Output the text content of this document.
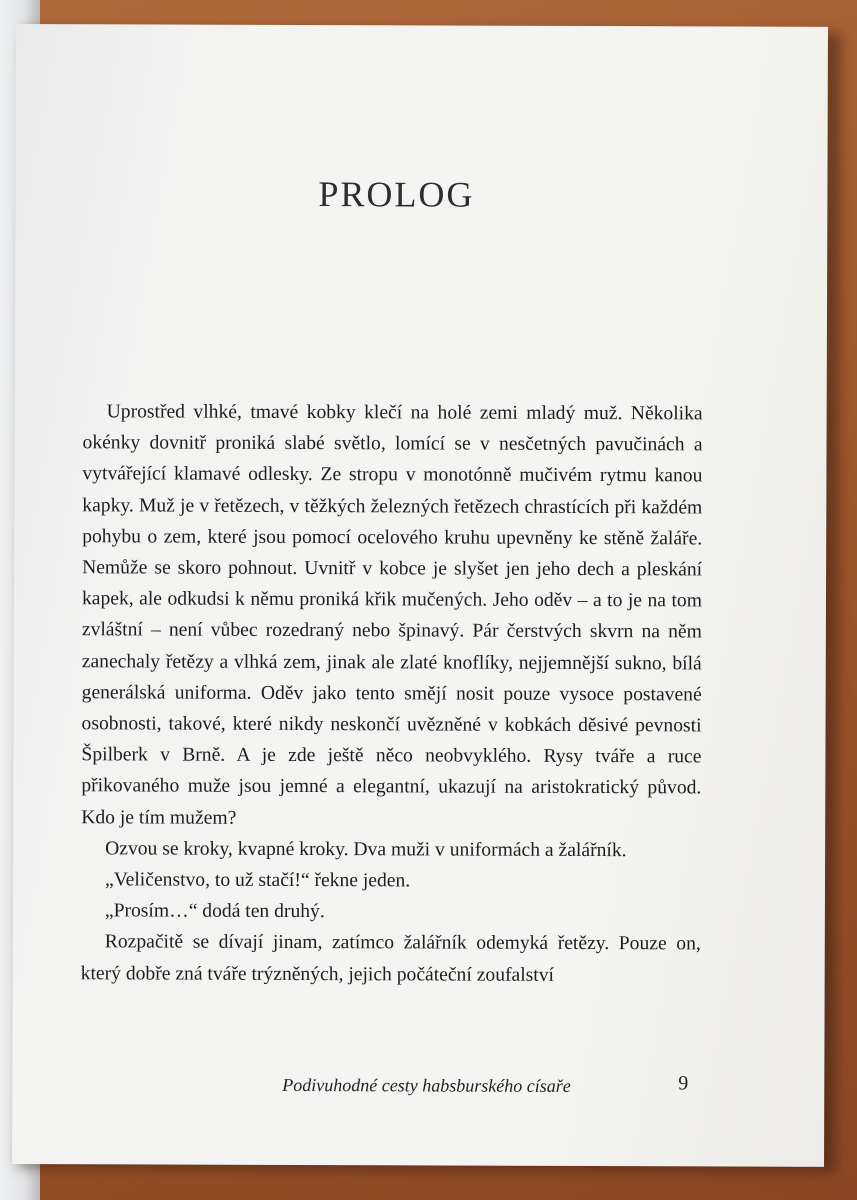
PROLOG

Uprostřed vlhké, tmavé kobky klečí na holé zemi mladý muž. Několika okénky dovnitř proniká slabé světlo, lomící se v nesčetných pavučinách a vytvářející klamavé odlesky. Ze stropu v monotónně mučivém rytmu kanou kapky. Muž je v řetězech, v těžkých železných řetězech chrastících při každém pohybu o zem, které jsou pomocí ocelového kruhu upevněny ke stěně žaláře. Nemůže se skoro pohnout. Uvnitř v kobce je slyšet jen jeho dech a pleskání kapek, ale odkudsi k němu proniká křik mučených. Jeho oděv – a to je na tom zvláštní – není vůbec rozedraný nebo špinavý. Pár čerstvých skvrn na něm zanechaly řetězy a vlhká zem, jinak ale zlaté knoflíky, nejjemnější sukno, bílá generálská uniforma. Oděv jako tento smějí nosit pouze vysoce postavené osobnosti, takové, které nikdy neskončí uvězněné v kobkách děsivé pevnosti Špilberk v Brně. A je zde ještě něco neobvyklého. Rysy tváře a ruce přikovaného muže jsou jemné a elegantní, ukazují na aristokratický původ. Kdo je tím mužem?

Ozvou se kroky, kvapné kroky. Dva muži v uniformách a žalářník.

„Veličenstvo, to už stačí!“ řekne jeden.

„Prosím…“ dodá ten druhý.

Rozpačitě se dívají jinam, zatímco žalářník odemyká řetězy. Pouze on, který dobře zná tváře trýzněných, jejich počáteční zoufalství

Podivuhodné cesty habsburského císaře	9
